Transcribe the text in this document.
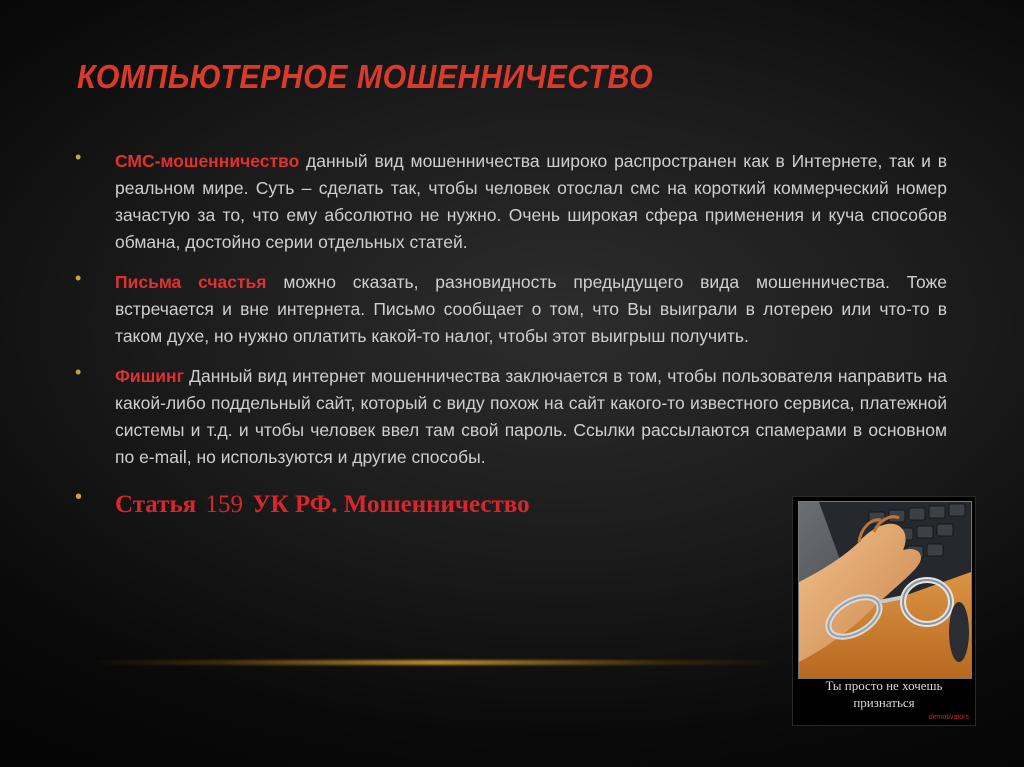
КОМПЬЮТЕРНОЕ МОШЕННИЧЕСТВО
• СМС-мошенничество данный вид мошенничества широко распространен как в Интернете, так и в реальном мире. Суть – сделать так, чтобы человек отослал смс на короткий коммерческий номер зачастую за то, что ему абсолютно не нужно. Очень широкая сфера применения и куча способов обмана, достойно серии отдельных статей.
• Письма счастья можно сказать, разновидность предыдущего вида мошенничества. Тоже встречается и вне интернета. Письмо сообщает о том, что Вы выиграли в лотерею или что-то в таком духе, но нужно оплатить какой-то налог, чтобы этот выигрыш получить.
• Фишинг Данный вид интернет мошенничества заключается в том, чтобы пользователя направить на какой-либо поддельный сайт, который с виду похож на сайт какого-то известного сервиса, платежной системы и т.д. и чтобы человек ввел там свой пароль. Ссылки рассылаются спамерами в основном по e-mail, но используются и другие способы.
• Статья 159 УК РФ. Мошенничество
Ты просто не хочешь
признаться
demotivators
